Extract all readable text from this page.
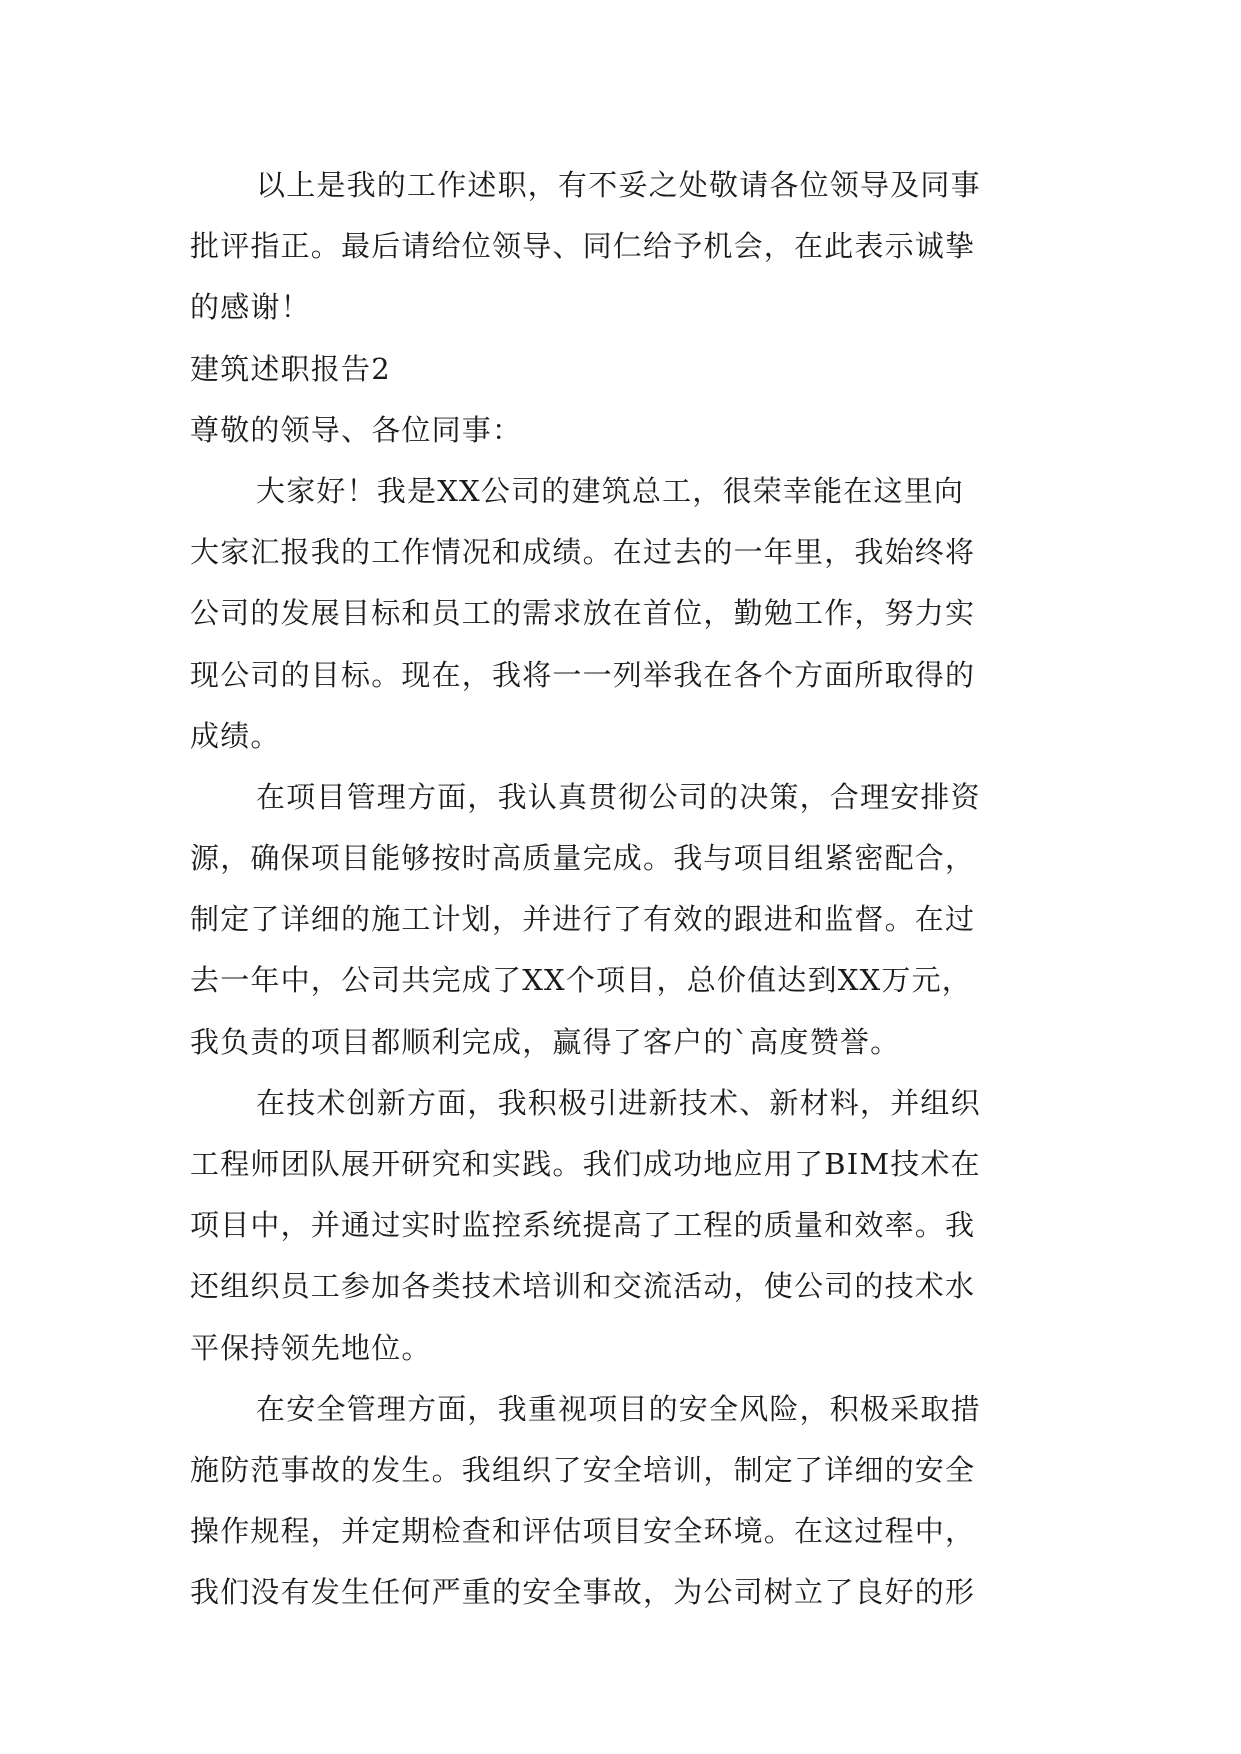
以上是我的工作述职，有不妥之处敬请各位领导及同事
批评指正。最后请给位领导、同仁给予机会，在此表示诚挚
的感谢！
建筑述职报告2
尊敬的领导、各位同事：
大家好！我是XX公司的建筑总工，很荣幸能在这里向
大家汇报我的工作情况和成绩。在过去的一年里，我始终将
公司的发展目标和员工的需求放在首位，勤勉工作，努力实
现公司的目标。现在，我将一一列举我在各个方面所取得的
成绩。
在项目管理方面，我认真贯彻公司的决策，合理安排资
源，确保项目能够按时高质量完成。我与项目组紧密配合，
制定了详细的施工计划，并进行了有效的跟进和监督。在过
去一年中，公司共完成了XX个项目，总价值达到XX万元，
我负责的项目都顺利完成，赢得了客户的`高度赞誉。
在技术创新方面，我积极引进新技术、新材料，并组织
工程师团队展开研究和实践。我们成功地应用了BIM技术在
项目中，并通过实时监控系统提高了工程的质量和效率。我
还组织员工参加各类技术培训和交流活动，使公司的技术水
平保持领先地位。
在安全管理方面，我重视项目的安全风险，积极采取措
施防范事故的发生。我组织了安全培训，制定了详细的安全
操作规程，并定期检查和评估项目安全环境。在这过程中，
我们没有发生任何严重的安全事故，为公司树立了良好的形
